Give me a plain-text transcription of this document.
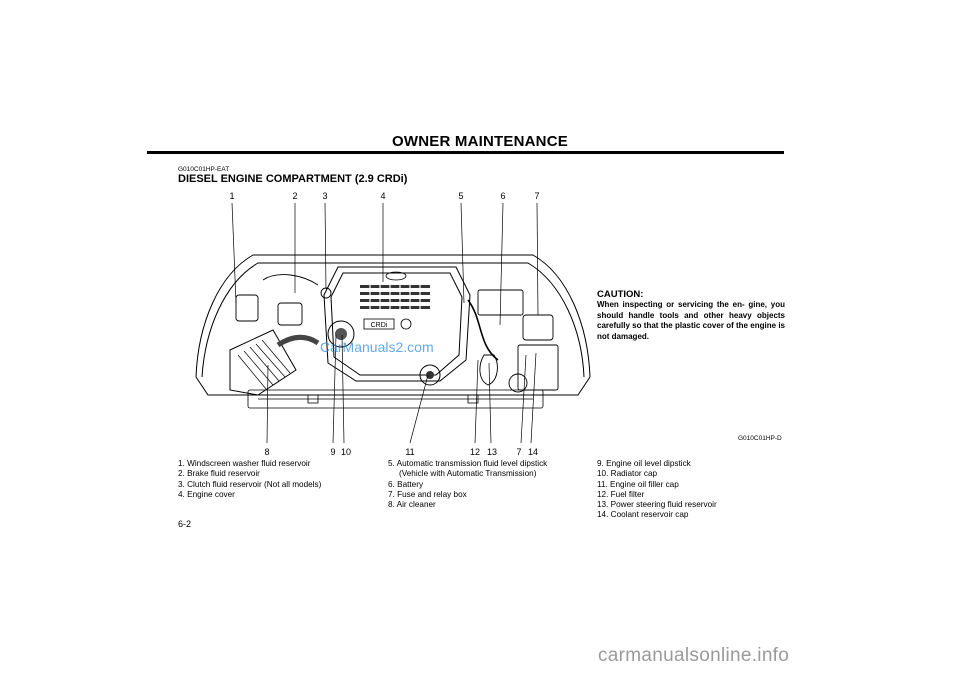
OWNER MAINTENANCE
G010C01HP-EAT
DIESEL ENGINE COMPARTMENT (2.9 CRDi)
1	2	3	4	5	6	7
CRDi
8	9 10	11	12 13 7 14
CarManuals2.com
CAUTION:
When inspecting or servicing the en- gine, you should handle tools and other heavy objects carefully so that the plastic cover of the engine is not damaged.
G010C01HP-D
1. Windscreen washer fluid reservoir
2. Brake fluid reservoir
3. Clutch fluid reservoir (Not all models)
4. Engine cover
5. Automatic transmission fluid level dipstick
(Vehicle with Automatic Transmission)
6. Battery
7. Fuse and relay box
8. Air cleaner
9. Engine oil level dipstick
10. Radiator cap
11. Engine oil filler cap
12. Fuel filter
13. Power steering fluid reservoir
14. Coolant reservoir cap
6-2
carmanualsonline.info
